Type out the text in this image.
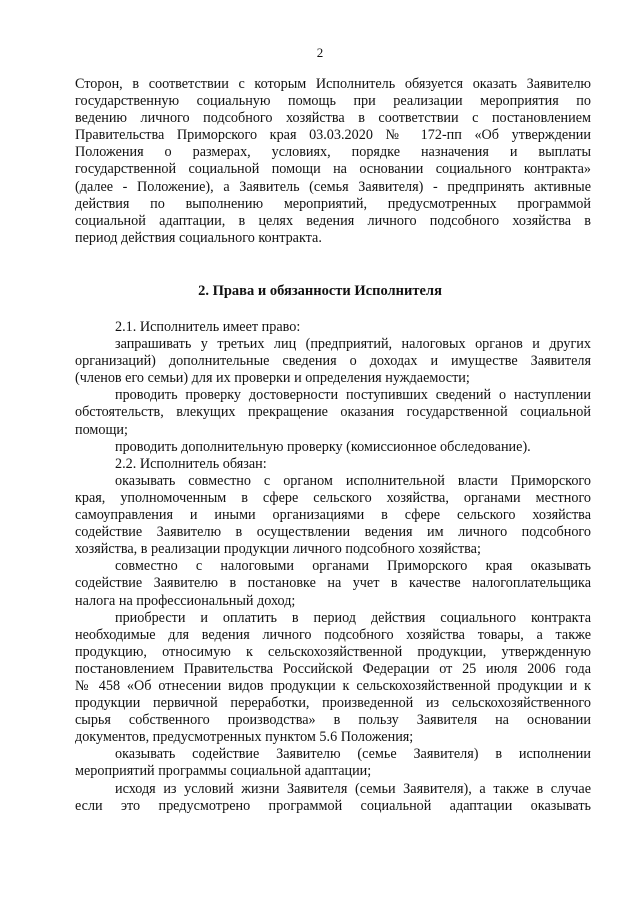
2
Сторон, в соответствии с которым Исполнитель обязуется оказать Заявителю
государственную социальную помощь при реализации мероприятия по
ведению личного подсобного хозяйства в соответствии с постановлением
Правительства Приморского края 03.03.2020 № 172-пп «Об утверждении
Положения о размерах, условиях, порядке назначения и выплаты
государственной социальной помощи на основании социального контракта»
(далее - Положение), а Заявитель (семья Заявителя) - предпринять активные
действия по выполнению мероприятий, предусмотренных программой
социальной адаптации, в целях ведения личного подсобного хозяйства в
период действия социального контракта.
2. Права и обязанности Исполнителя
2.1. Исполнитель имеет право:
запрашивать у третьих лиц (предприятий, налоговых органов и других
организаций) дополнительные сведения о доходах и имуществе Заявителя
(членов его семьи) для их проверки и определения нуждаемости;
проводить проверку достоверности поступивших сведений о наступлении
обстоятельств, влекущих прекращение оказания государственной социальной
помощи;
проводить дополнительную проверку (комиссионное обследование).
2.2. Исполнитель обязан:
оказывать совместно с органом исполнительной власти Приморского
края, уполномоченным в сфере сельского хозяйства, органами местного
самоуправления и иными организациями в сфере сельского хозяйства
содействие Заявителю в осуществлении ведения им личного подсобного
хозяйства, в реализации продукции личного подсобного хозяйства;
совместно с налоговыми органами Приморского края оказывать
содействие Заявителю в постановке на учет в качестве налогоплательщика
налога на профессиональный доход;
приобрести и оплатить в период действия социального контракта
необходимые для ведения личного подсобного хозяйства товары, а также
продукцию, относимую к сельскохозяйственной продукции, утвержденную
постановлением Правительства Российской Федерации от 25 июля 2006 года
№ 458 «Об отнесении видов продукции к сельскохозяйственной продукции и к
продукции первичной переработки, произведенной из сельскохозяйственного
сырья собственного производства» в пользу Заявителя на основании
документов, предусмотренных пунктом 5.6 Положения;
оказывать содействие Заявителю (семье Заявителя) в исполнении
мероприятий программы социальной адаптации;
исходя из условий жизни Заявителя (семьи Заявителя), а также в случае
если это предусмотрено программой социальной адаптации оказывать
